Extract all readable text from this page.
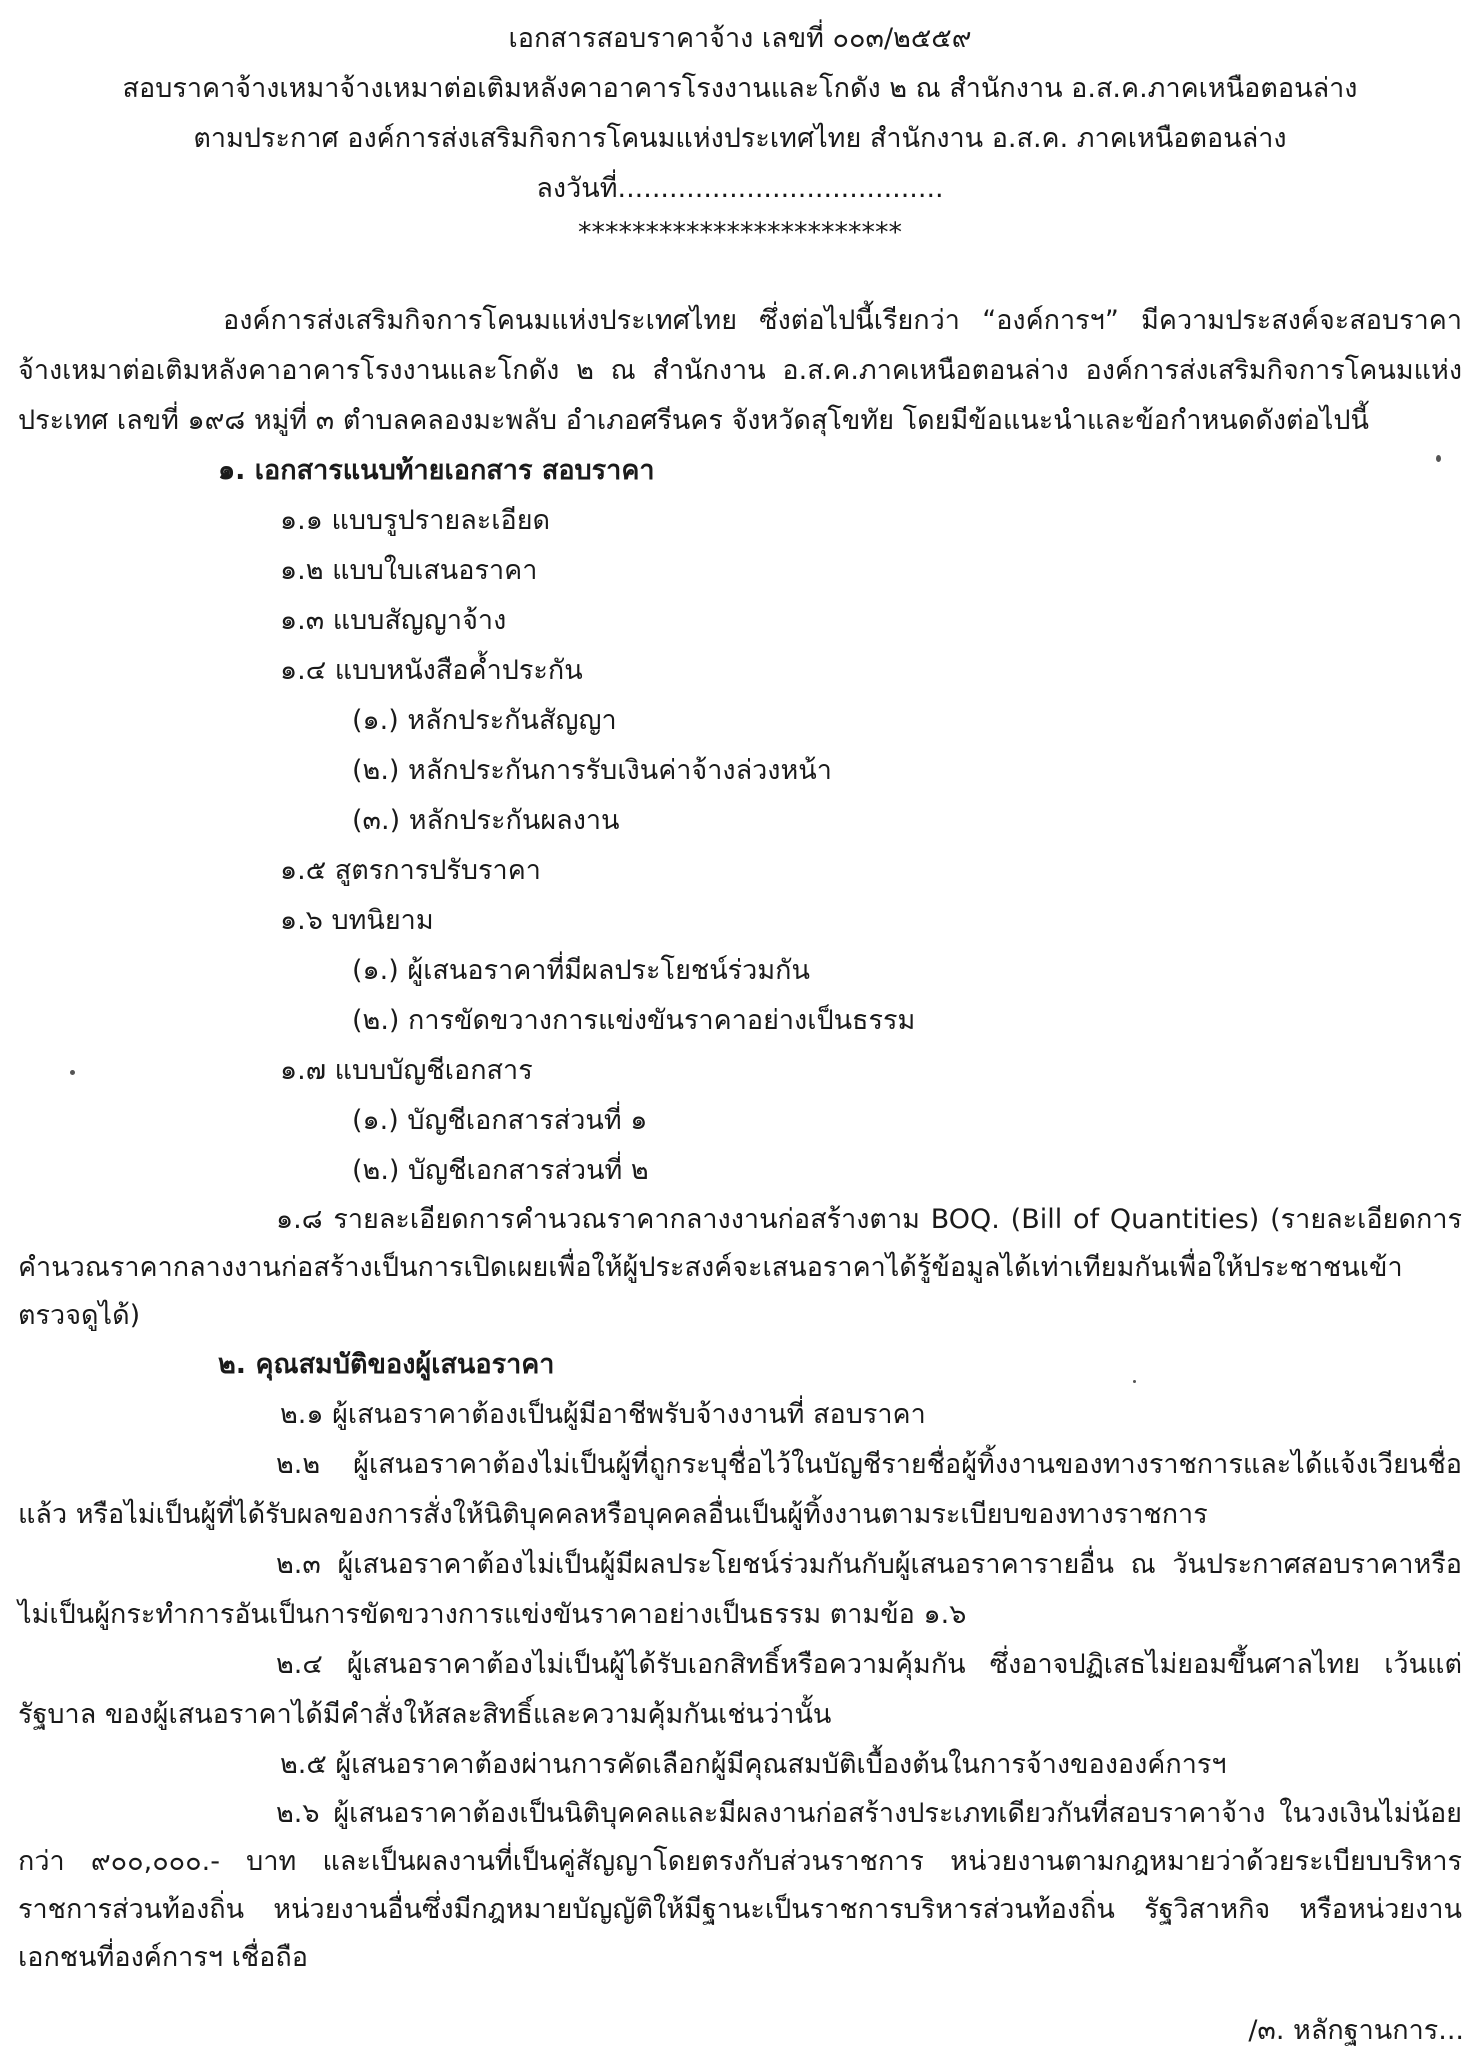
เอกสารสอบราคาจ้าง เลขที่ ๐๐๓/๒๕๕๙
สอบราคาจ้างเหมาจ้างเหมาต่อเติมหลังคาอาคารโรงงานและโกดัง ๒ ณ สำนักงาน อ.ส.ค.ภาคเหนือตอนล่าง
ตามประกาศ องค์การส่งเสริมกิจการโคนมแห่งประเทศไทย สำนักงาน อ.ส.ค. ภาคเหนือตอนล่าง
ลงวันที่......................................
************************
องค์การส่งเสริมกิจการโคนมแห่งประเทศไทย ซึ่งต่อไปนี้เรียกว่า “องค์การฯ” มีความประสงค์จะสอบราคาจ้างเหมาต่อเติมหลังคาอาคารโรงงานและโกดัง ๒ ณ สำนักงาน อ.ส.ค.ภาคเหนือตอนล่าง องค์การส่งเสริมกิจการโคนมแห่งประเทศ เลขที่ ๑๙๘ หมู่ที่ ๓ ตำบลคลองมะพลับ อำเภอศรีนคร จังหวัดสุโขทัย โดยมีข้อแนะนำและข้อกำหนดดังต่อไปนี้
๑. เอกสารแนบท้ายเอกสาร สอบราคา
๑.๑ แบบรูปรายละเอียด
๑.๒ แบบใบเสนอราคา
๑.๓ แบบสัญญาจ้าง
๑.๔ แบบหนังสือค้ำประกัน
(๑.) หลักประกันสัญญา
(๒.) หลักประกันการรับเงินค่าจ้างล่วงหน้า
(๓.) หลักประกันผลงาน
๑.๕ สูตรการปรับราคา
๑.๖ บทนิยาม
(๑.) ผู้เสนอราคาที่มีผลประโยชน์ร่วมกัน
(๒.) การขัดขวางการแข่งขันราคาอย่างเป็นธรรม
๑.๗ แบบบัญชีเอกสาร
(๑.) บัญชีเอกสารส่วนที่ ๑
(๒.) บัญชีเอกสารส่วนที่ ๒
๑.๘ รายละเอียดการคำนวณราคากลางงานก่อสร้างตาม BOQ. (Bill of Quantities) (รายละเอียดการคำนวณราคากลางงานก่อสร้างเป็นการเปิดเผยเพื่อให้ผู้ประสงค์จะเสนอราคาได้รู้ข้อมูลได้เท่าเทียมกันเพื่อให้ประชาชนเข้าตรวจดูได้)
๒. คุณสมบัติของผู้เสนอราคา
๒.๑ ผู้เสนอราคาต้องเป็นผู้มีอาชีพรับจ้างงานที่ สอบราคา
๒.๒ ผู้เสนอราคาต้องไม่เป็นผู้ที่ถูกระบุชื่อไว้ในบัญชีรายชื่อผู้ทิ้งงานของทางราชการและได้แจ้งเวียนชื่อแล้ว หรือไม่เป็นผู้ที่ได้รับผลของการสั่งให้นิติบุคคลหรือบุคคลอื่นเป็นผู้ทิ้งงานตามระเบียบของทางราชการ
๒.๓ ผู้เสนอราคาต้องไม่เป็นผู้มีผลประโยชน์ร่วมกันกับผู้เสนอราคารายอื่น ณ วันประกาศสอบราคาหรือไม่เป็นผู้กระทำการอันเป็นการขัดขวางการแข่งขันราคาอย่างเป็นธรรม ตามข้อ ๑.๖
๒.๔ ผู้เสนอราคาต้องไม่เป็นผู้ได้รับเอกสิทธิ์หรือความคุ้มกัน ซึ่งอาจปฏิเสธไม่ยอมขึ้นศาลไทย เว้นแต่รัฐบาล ของผู้เสนอราคาได้มีคำสั่งให้สละสิทธิ์และความคุ้มกันเช่นว่านั้น
๒.๕ ผู้เสนอราคาต้องผ่านการคัดเลือกผู้มีคุณสมบัติเบื้องต้นในการจ้างขององค์การฯ
๒.๖ ผู้เสนอราคาต้องเป็นนิติบุคคลและมีผลงานก่อสร้างประเภทเดียวกันที่สอบราคาจ้าง ในวงเงินไม่น้อยกว่า ๙๐๐,๐๐๐.- บาท และเป็นผลงานที่เป็นคู่สัญญาโดยตรงกับส่วนราชการ หน่วยงานตามกฎหมายว่าด้วยระเบียบบริหารราชการส่วนท้องถิ่น หน่วยงานอื่นซึ่งมีกฎหมายบัญญัติให้มีฐานะเป็นราชการบริหารส่วนท้องถิ่น รัฐวิสาหกิจ หรือหน่วยงานเอกชนที่องค์การฯ เชื่อถือ
/๓. หลักฐานการ...
